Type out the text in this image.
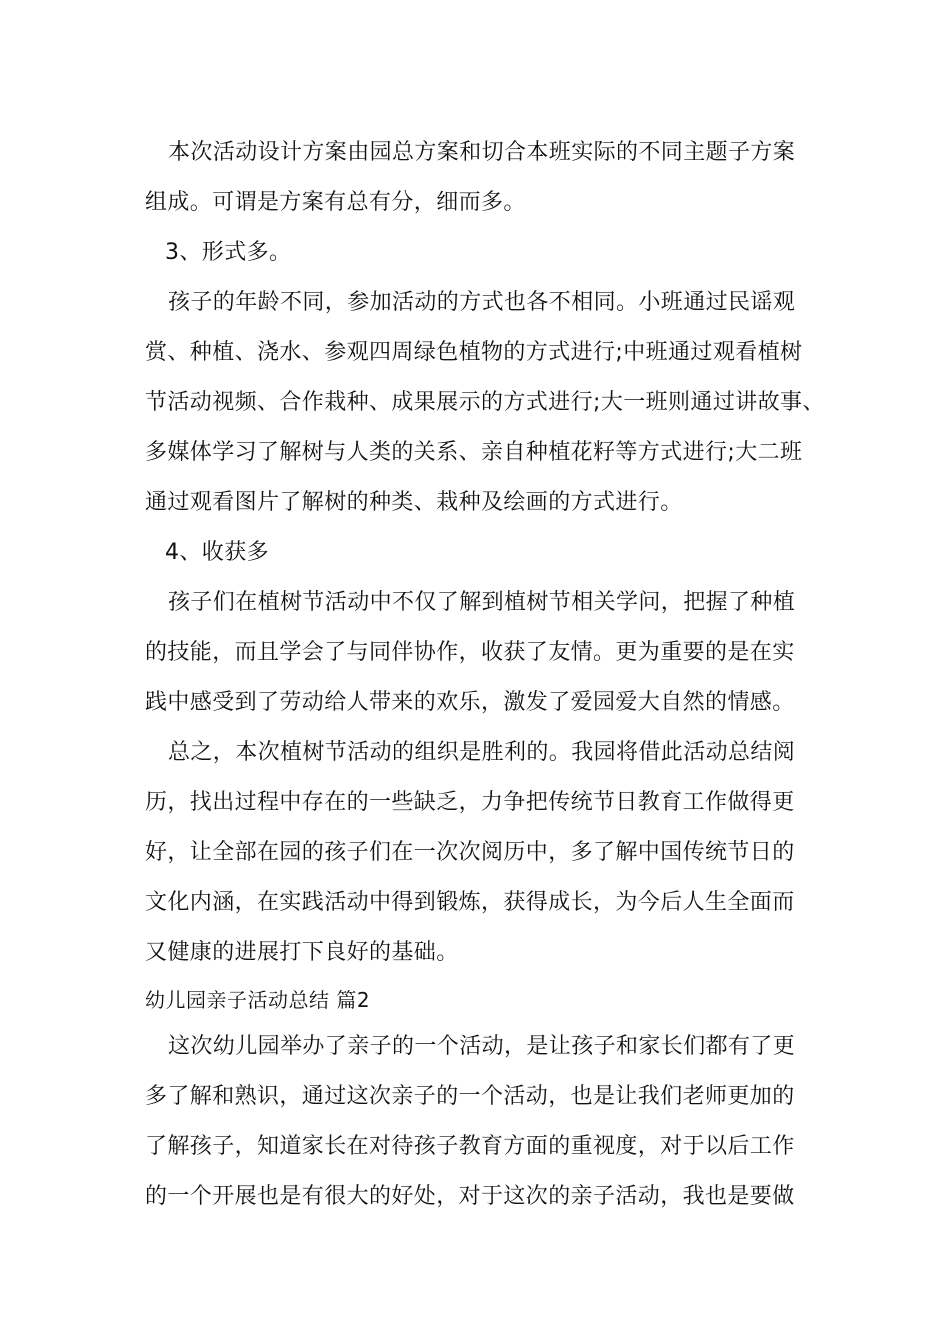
本次活动设计方案由园总方案和切合本班实际的不同主题子方案
组成。可谓是方案有总有分，细而多。
3、形式多。
孩子的年龄不同，参加活动的方式也各不相同。小班通过民谣观
赏、种植、浇水、参观四周绿色植物的方式进行;中班通过观看植树
节活动视频、合作栽种、成果展示的方式进行;大一班则通过讲故事、
多媒体学习了解树与人类的关系、亲自种植花籽等方式进行;大二班
通过观看图片了解树的种类、栽种及绘画的方式进行。
4、收获多
孩子们在植树节活动中不仅了解到植树节相关学问，把握了种植
的技能，而且学会了与同伴协作，收获了友情。更为重要的是在实
践中感受到了劳动给人带来的欢乐，激发了爱园爱大自然的情感。
总之，本次植树节活动的组织是胜利的。我园将借此活动总结阅
历，找出过程中存在的一些缺乏，力争把传统节日教育工作做得更
好，让全部在园的孩子们在一次次阅历中，多了解中国传统节日的
文化内涵，在实践活动中得到锻炼，获得成长，为今后人生全面而
又健康的进展打下良好的基础。
幼儿园亲子活动总结 篇2
这次幼儿园举办了亲子的一个活动，是让孩子和家长们都有了更
多了解和熟识，通过这次亲子的一个活动，也是让我们老师更加的
了解孩子，知道家长在对待孩子教育方面的重视度，对于以后工作
的一个开展也是有很大的好处，对于这次的亲子活动，我也是要做
